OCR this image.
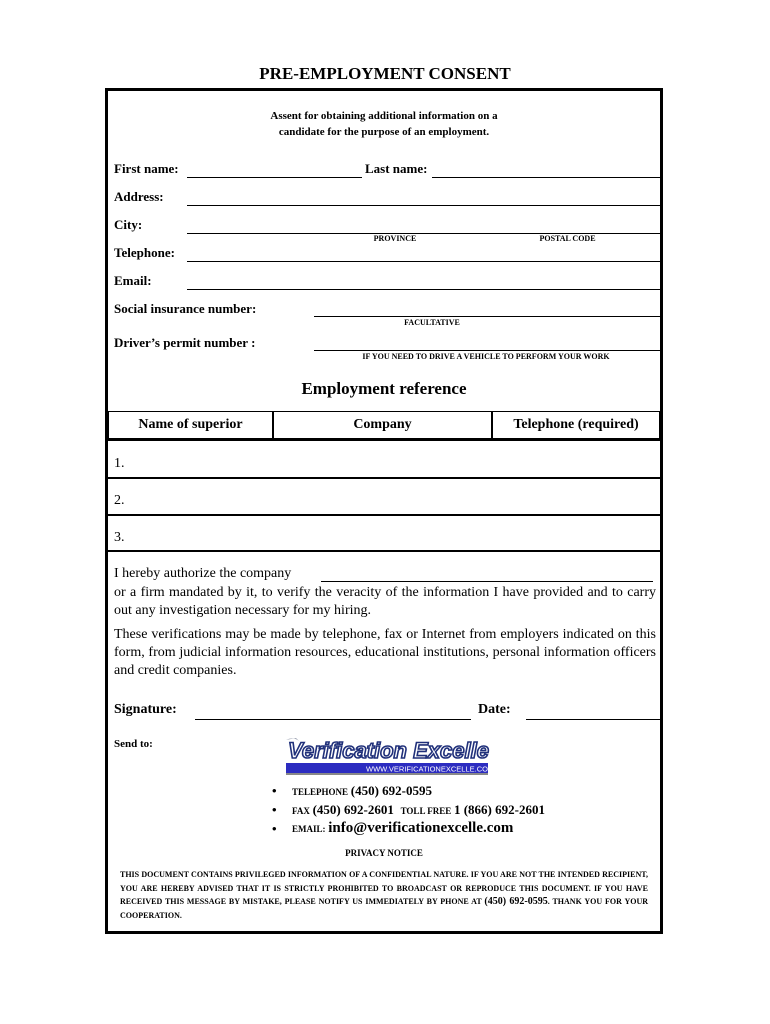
PRE-EMPLOYMENT CONSENT
Assent for obtaining additional information on a
candidate for the purpose of an employment.
First name:	Last name:
Address:
City:
PROVINCE	POSTAL CODE
Telephone:
Email:
Social insurance number:
FACULTATIVE
Driver’s permit number :
IF YOU NEED TO DRIVE A VEHICLE TO PERFORM YOUR WORK
Employment reference
Name of superior	Company	Telephone (required)
1.
2.
3.
I hereby authorize the company
or a firm mandated by it, to verify the veracity of the information I have provided and to carry out any investigation necessary for my hiring.
These verifications may be made by telephone, fax or Internet from employers indicated on this form, from judicial information resources, educational institutions, personal information officers and credit companies.
Signature:	Date:
Send to:	Verification Excelle
WWW.VERIFICATIONEXCELLE.COM
• TELEPHONE (450) 692-0595
• FAX (450) 692-2601 TOLL FREE 1 (866) 692-2601
• EMAIL: info@verificationexcelle.com
PRIVACY NOTICE
THIS DOCUMENT CONTAINS PRIVILEGED INFORMATION OF A CONFIDENTIAL NATURE. IF YOU ARE NOT THE INTENDED RECIPIENT, YOU ARE HEREBY ADVISED THAT IT IS STRICTLY PROHIBITED TO BROADCAST OR REPRODUCE THIS DOCUMENT. IF YOU HAVE RECEIVED THIS MESSAGE BY MISTAKE, PLEASE NOTIFY US IMMEDIATELY BY PHONE AT (450) 692-0595. THANK YOU FOR YOUR COOPERATION.
